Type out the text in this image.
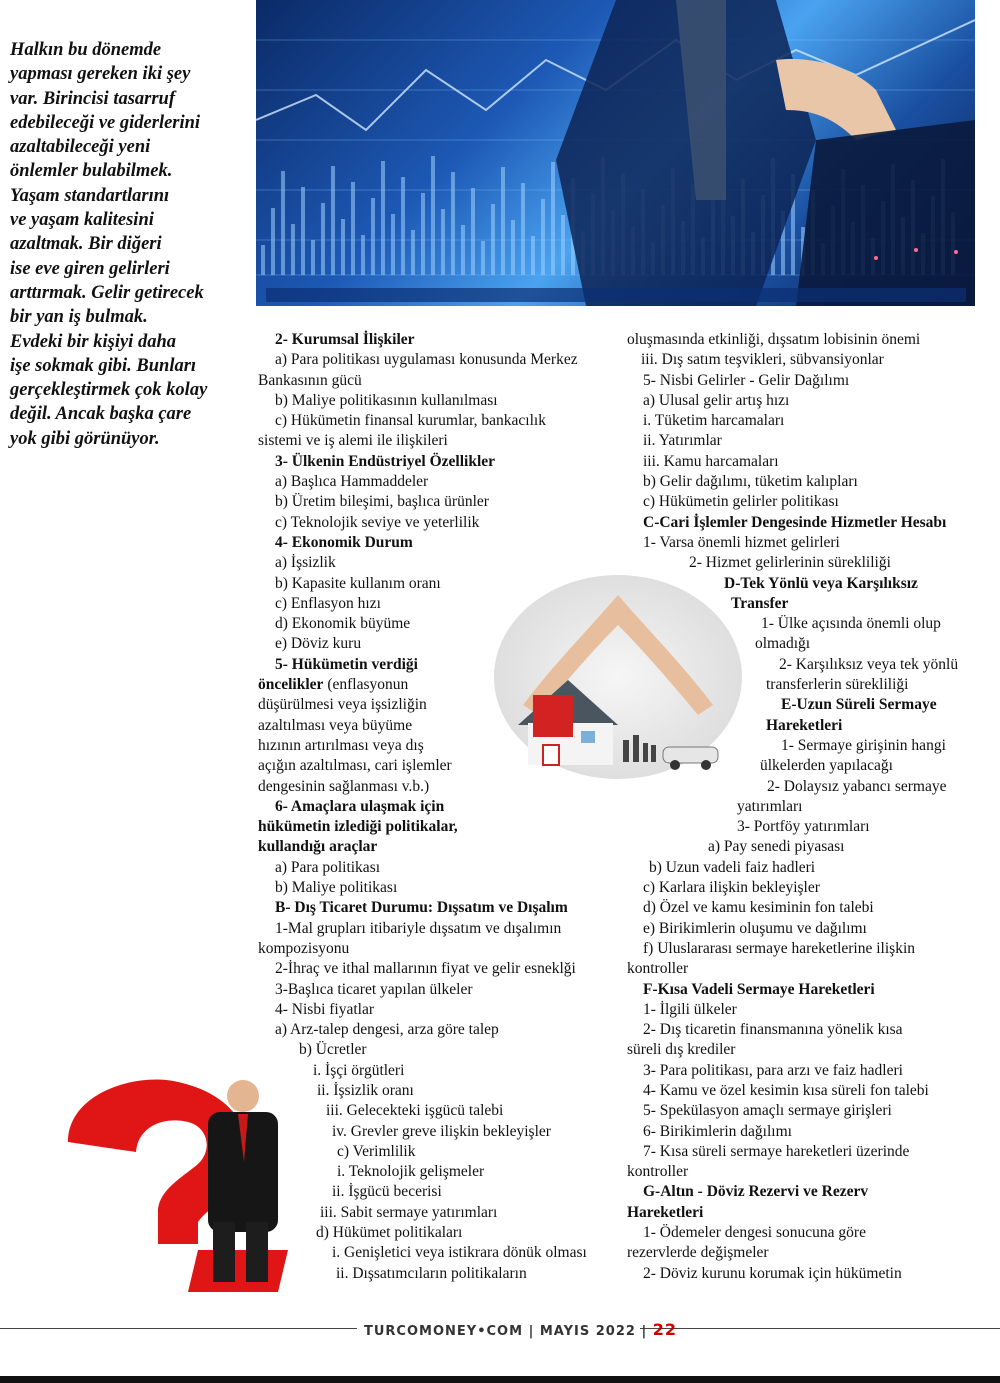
Halkın bu dönemde
yapması gereken iki şey
var. Birincisi tasarruf
edebileceği ve giderlerini
azaltabileceği yeni
önlemler bulabilmek.
Yaşam standartlarını
ve yaşam kalitesini
azaltmak. Bir diğeri
ise eve giren gelirleri
arttırmak. Gelir getirecek
bir yan iş bulmak.
Evdeki bir kişiyi daha
işe sokmak gibi. Bunları
gerçekleştirmek çok kolay
değil. Ancak başka çare
yok gibi görünüyor.
2- Kurumsal İlişkiler
a) Para politikası uygulaması konusunda Merkez
Bankasının gücü
b) Maliye politikasının kullanılması
c) Hükümetin finansal kurumlar, bankacılık
sistemi ve iş alemi ile ilişkileri
3- Ülkenin Endüstriyel Özellikler
a) Başlıca Hammaddeler
b) Üretim bileşimi, başlıca ürünler
c) Teknolojik seviye ve yeterlilik
4- Ekonomik Durum
a) İşsizlik
b) Kapasite kullanım oranı
c) Enflasyon hızı
d) Ekonomik büyüme
e) Döviz kuru
5- Hükümetin verdiği
öncelikler (enflasyonun
düşürülmesi veya işsizliğin
azaltılması veya büyüme
hızının artırılması veya dış
açığın azaltılması, cari işlemler
dengesinin sağlanması v.b.)
6- Amaçlara ulaşmak için
hükümetin izlediği politikalar,
kullandığı araçlar
a) Para politikası
b) Maliye politikası
B- Dış Ticaret Durumu: Dışsatım ve Dışalım
1-Mal grupları itibariyle dışsatım ve dışalımın
kompozisyonu
2-İhraç ve ithal mallarının fiyat ve gelir esneklği
3-Başlıca ticaret yapılan ülkeler
4- Nisbi fiyatlar
a) Arz-talep dengesi, arza göre talep
b) Ücretler
i. İşçi örgütleri
ii. İşsizlik oranı
iii. Gelecekteki işgücü talebi
iv. Grevler greve ilişkin bekleyişler
c) Verimlilik
i. Teknolojik gelişmeler
ii. İşgücü becerisi
iii. Sabit sermaye yatırımları
d) Hükümet politikaları
i. Genişletici veya istikrara dönük olması
ii. Dışsatımcıların politikaların
oluşmasında etkinliği, dışsatım lobisinin önemi
iii. Dış satım teşvikleri, sübvansiyonlar
5- Nisbi Gelirler - Gelir Dağılımı
a) Ulusal gelir artış hızı
i. Tüketim harcamaları
ii. Yatırımlar
iii. Kamu harcamaları
b) Gelir dağılımı, tüketim kalıpları
c) Hükümetin gelirler politikası
C-Cari İşlemler Dengesinde Hizmetler Hesabı
1- Varsa önemli hizmet gelirleri
2- Hizmet gelirlerinin sürekliliği
D-Tek Yönlü veya Karşılıksız
Transfer
1- Ülke açısında önemli olup
olmadığı
2- Karşılıksız veya tek yönlü
transferlerin sürekliliği
E-Uzun Süreli Sermaye
Hareketleri
1- Sermaye girişinin hangi
ülkelerden yapılacağı
2- Dolaysız yabancı sermaye
yatırımları
3- Portföy yatırımları
a) Pay senedi piyasası
b) Uzun vadeli faiz hadleri
c) Karlara ilişkin bekleyişler
d) Özel ve kamu kesiminin fon talebi
e) Birikimlerin oluşumu ve dağılımı
f) Uluslararası sermaye hareketlerine ilişkin
kontroller
F-Kısa Vadeli Sermaye Hareketleri
1- İlgili ülkeler
2- Dış ticaretin finansmanına yönelik kısa
süreli dış krediler
3- Para politikası, para arzı ve faiz hadleri
4- Kamu ve özel kesimin kısa süreli fon talebi
5- Spekülasyon amaçlı sermaye girişleri
6- Birikimlerin dağılımı
7- Kısa süreli sermaye hareketleri üzerinde
kontroller
G-Altın - Döviz Rezervi ve Rezerv
Hareketleri
1- Ödemeler dengesi sonucuna göre
rezervlerde değişmeler
2- Döviz kurunu korumak için hükümetin
TURCOMONEY•COM | MAYIS 2022 | 22
